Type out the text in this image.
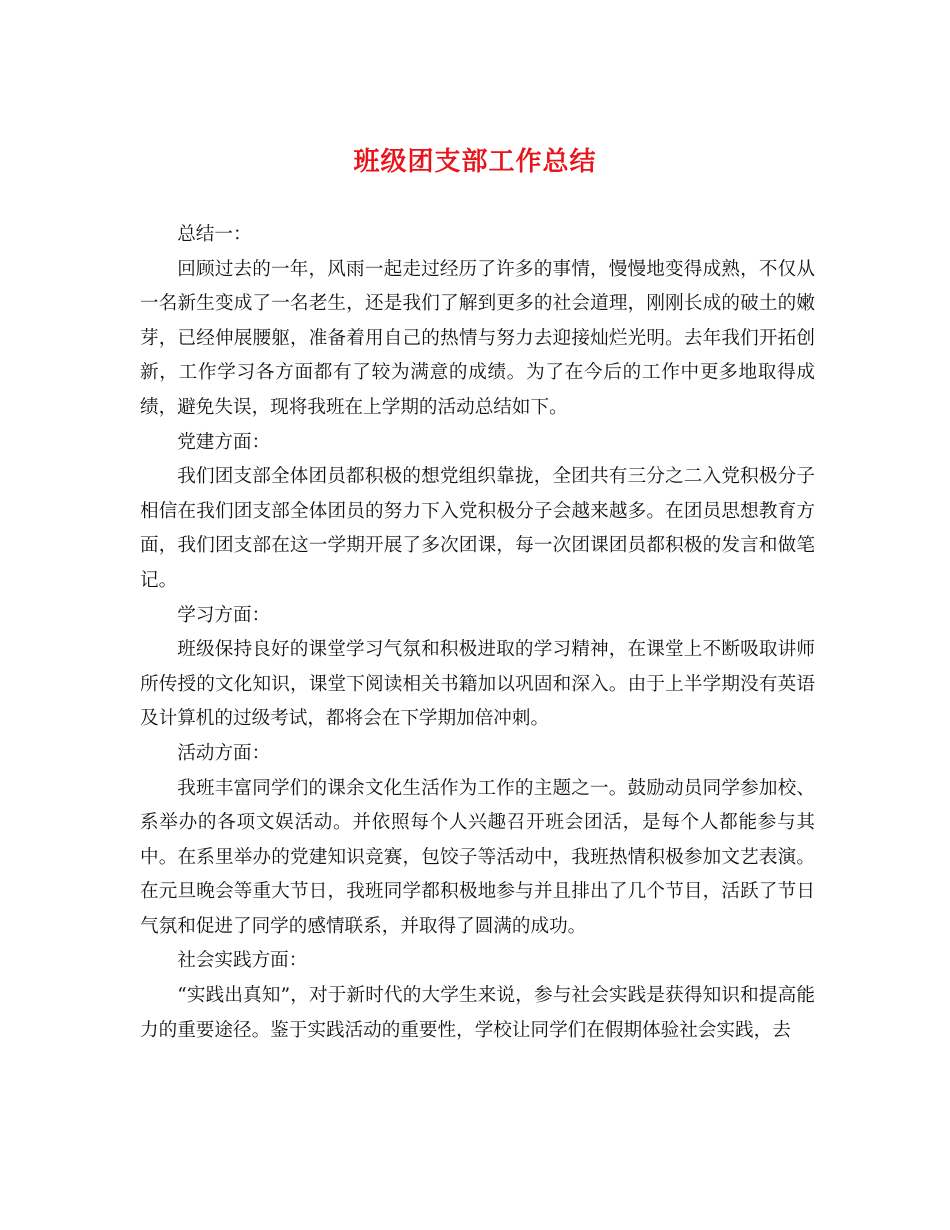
班级团支部工作总结

总结一：

回顾过去的一年，风雨一起走过经历了许多的事情，慢慢地变得成熟，不仅从一名新生变成了一名老生，还是我们了解到更多的社会道理，刚刚长成的破土的嫩芽，已经伸展腰躯，准备着用自己的热情与努力去迎接灿烂光明。去年我们开拓创新，工作学习各方面都有了较为满意的成绩。为了在今后的工作中更多地取得成绩，避免失误，现将我班在上学期的活动总结如下。

党建方面：

我们团支部全体团员都积极的想党组织靠拢，全团共有三分之二入党积极分子相信在我们团支部全体团员的努力下入党积极分子会越来越多。在团员思想教育方面，我们团支部在这一学期开展了多次团课，每一次团课团员都积极的发言和做笔记。

学习方面：

班级保持良好的课堂学习气氛和积极进取的学习精神，在课堂上不断吸取讲师所传授的文化知识，课堂下阅读相关书籍加以巩固和深入。由于上半学期没有英语及计算机的过级考试，都将会在下学期加倍冲刺。

活动方面：

我班丰富同学们的课余文化生活作为工作的主题之一。鼓励动员同学参加校、系举办的各项文娱活动。并依照每个人兴趣召开班会团活，是每个人都能参与其中。在系里举办的党建知识竞赛，包饺子等活动中，我班热情积极参加文艺表演。在元旦晚会等重大节日，我班同学都积极地参与并且排出了几个节目，活跃了节日气氛和促进了同学的感情联系，并取得了圆满的成功。

社会实践方面：

“实践出真知”，对于新时代的大学生来说，参与社会实践是获得知识和提高能力的重要途径。鉴于实践活动的重要性，学校让同学们在假期体验社会实践，去
